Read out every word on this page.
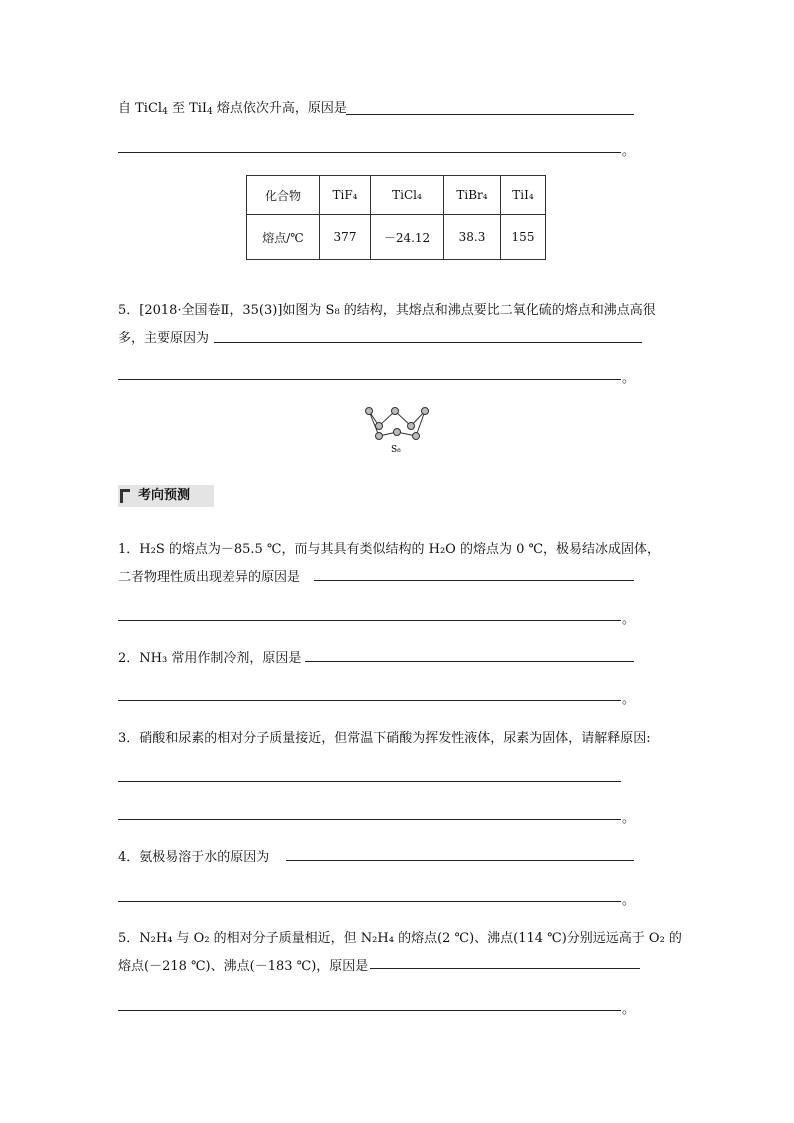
自 TiCl$_4$ 至 TiI$_4$ 熔点依次升高，原因是
。
化合物	TiF₄	TiCl₄	TiBr₄	TiI₄
熔点/℃	377	－24.12	38.3	155
5．[2018·全国卷Ⅱ，35(3)]如图为 S₈ 的结构，其熔点和沸点要比二氧化硫的熔点和沸点高很
多，主要原因为
。
S₈
考向预测
1．H₂S 的熔点为－85.5 ℃，而与其具有类似结构的 H₂O 的熔点为 0 ℃，极易结冰成固体，
二者物理性质出现差异的原因是
。
2．NH₃ 常用作制冷剂，原因是
。
3．硝酸和尿素的相对分子质量接近，但常温下硝酸为挥发性液体，尿素为固体，请解释原因:
。
4．氨极易溶于水的原因为
。
5．N₂H₄ 与 O₂ 的相对分子质量相近，但 N₂H₄ 的熔点(2 ℃)、沸点(114 ℃)分别远远高于 O₂ 的
熔点(－218 ℃)、沸点(－183 ℃)，原因是
。
